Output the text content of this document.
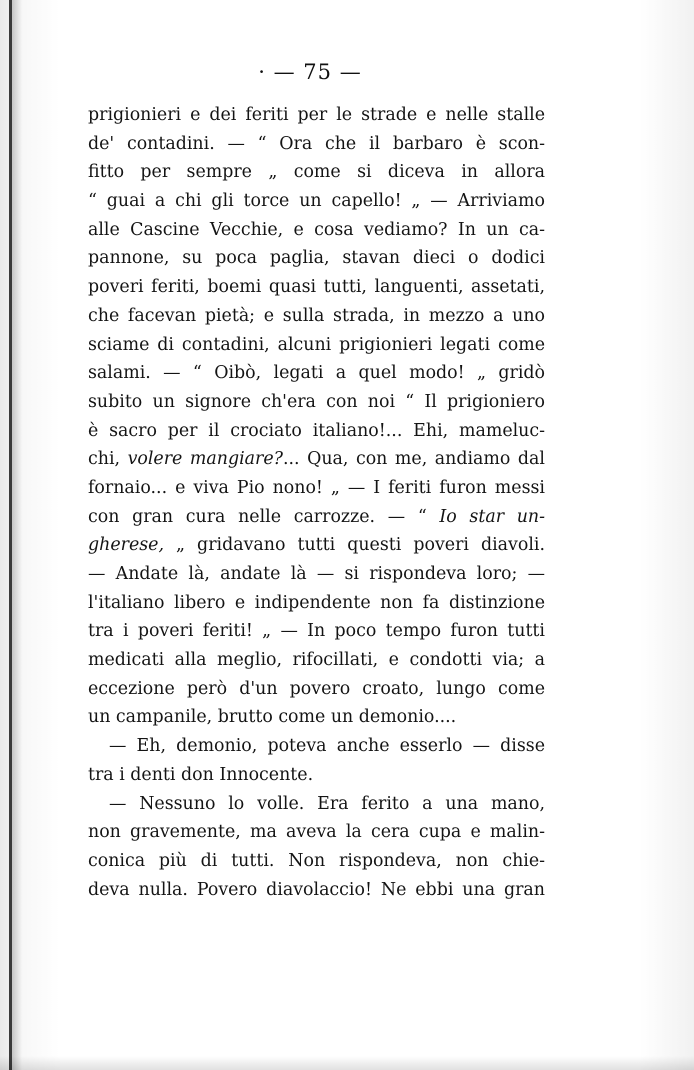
· — 75 —
prigionieri e dei feriti per le strade e nelle stalle
de' contadini. — “ Ora che il barbaro è scon-
fitto per sempre „ come si diceva in allora
“ guai a chi gli torce un capello! „ — Arriviamo
alle Cascine Vecchie, e cosa vediamo? In un ca-
pannone, su poca paglia, stavan dieci o dodici
poveri feriti, boemi quasi tutti, languenti, assetati,
che facevan pietà; e sulla strada, in mezzo a uno
sciame di contadini, alcuni prigionieri legati come
salami. — “ Oibò, legati a quel modo! „ gridò
subito un signore ch'era con noi “ Il prigioniero
è sacro per il crociato italiano!... Ehi, mameluc-
chi, volere mangiare?... Qua, con me, andiamo dal
fornaio... e viva Pio nono! „ — I feriti furon messi
con gran cura nelle carrozze. — “ Io star un-
gherese, „ gridavano tutti questi poveri diavoli.
— Andate là, andate là — si rispondeva loro; —
l'italiano libero e indipendente non fa distinzione
tra i poveri feriti! „ — In poco tempo furon tutti
medicati alla meglio, rifocillati, e condotti via; a
eccezione però d'un povero croato, lungo come
un campanile, brutto come un demonio....
— Eh, demonio, poteva anche esserlo — disse
tra i denti don Innocente.
— Nessuno lo volle. Era ferito a una mano,
non gravemente, ma aveva la cera cupa e malin-
conica più di tutti. Non rispondeva, non chie-
deva nulla. Povero diavolaccio! Ne ebbi una gran
